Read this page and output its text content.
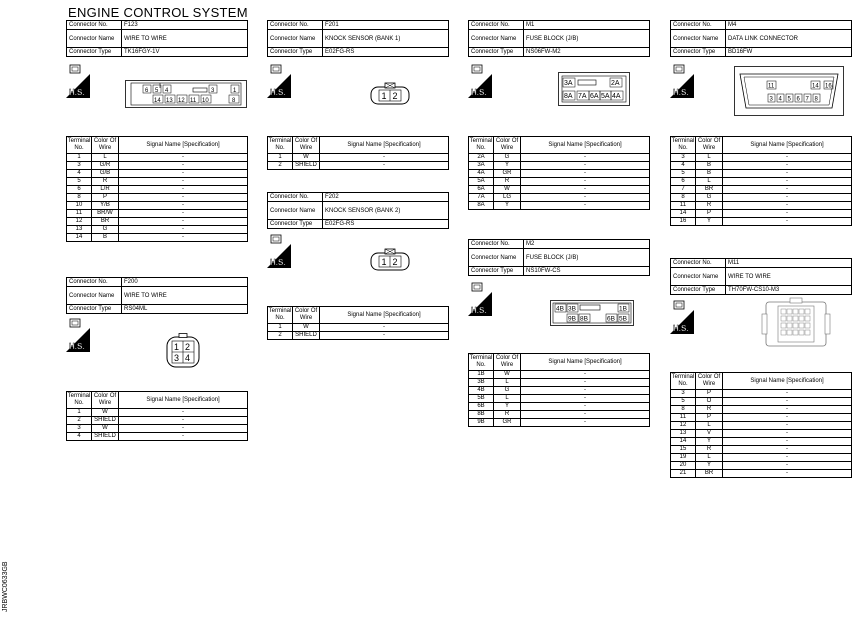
ENGINE CONTROL SYSTEM
JRBWC0633GB
Connector No.	F123
Connector Name	WIRE TO WIRE
Connector Type	TK16FGY-1V
H.S.	6 5 4	3	1
14 13 12 11 10	8
Terminal No.	Color Of Wire	Signal Name [Specification]
1	L	-
3	G/R	-
4	G/B	-
5	R	-
6	L/R	-
8	P	-
10	Y/B	-
11	BR/W	-
12	BR	-
13	G	-
14	B	-
Connector No.	F200
Connector Name	WIRE TO WIRE
Connector Type	RS04ML
H.S.	1 2
3 4
Terminal No.	Color Of Wire	Signal Name [Specification]
1	W	-
2	SHIELD	-
3	W	-
4	SHIELD	-
Connector No.	F201
Connector Name	KNOCK SENSOR (BANK 1)
Connector Type	E02FG-RS
H.S.	1 2
Terminal No.	Color Of Wire	Signal Name [Specification]
1	W	-
2	SHIELD	-
Connector No.	F202
Connector Name	KNOCK SENSOR (BANK 2)
Connector Type	E02FG-RS
H.S.	1 2
Terminal No.	Color Of Wire	Signal Name [Specification]
1	W	-
2	SHIELD	-
Connector No.	M1
Connector Name	FUSE BLOCK (J/B)
Connector Type	NS06FW-M2
H.S.
3A	2A
8A 7A 6A 5A 4A
Terminal No.	Color Of Wire	Signal Name [Specification]
2A	G	-
3A	Y	-
4A	GR	-
5A	R	-
6A	W	-
7A	LG	-
8A	Y	-
Connector No.	M2
Connector Name	FUSE BLOCK (J/B)
Connector Type	NS10FW-CS
H.S.	4B 3B	1B
9B 8B	6B 5B
Terminal No.	Color Of Wire	Signal Name [Specification]
1B	W	-
3B	L	-
4B	G	-
5B	L	-
6B	Y	-
8B	R	-
9B	GR	-
Connector No.	M4
Connector Name	DATA LINK CONNECTOR
Connector Type	BD16FW
H.S.
11	14 16
3 4 5 6 7 8
Terminal No.	Color Of Wire	Signal Name [Specification]
3	L	-
4	B	-
5	B	-
6	L	-
7	BR	-
8	G	-
11	R	-
14	P	-
16	Y	-
Connector No.	M11
Connector Name	WIRE TO WIRE
Connector Type	TH70FW-CS10-M3
H.S.
Terminal No.	Color Of Wire	Signal Name [Specification]
3	P	-
5	O	-
8	R	-
11	P	-
12	L	-
13	V	-
14	Y	-
15	R	-
19	L	-
20	Y	-
21	BR	-
